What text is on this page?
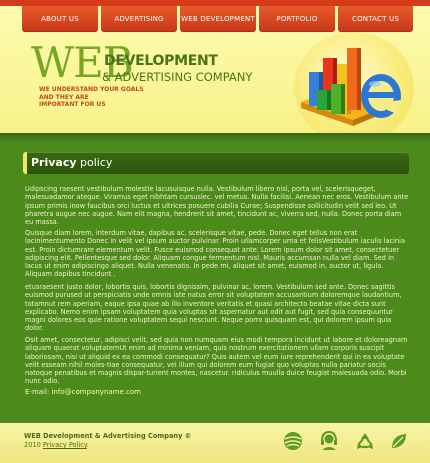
ABOUT US	ADVERTISING	WEB DEVELOPMENT	PORTFOLIO	CONTACT US
WEB
DEVELOPMENT
& ADVERTISING COMPANY
WE UNDERSTAND YOUR GOALS
AND THEY ARE
IMPORTANT FOR US
Privacy policy
Udipscing raesent vestibulum molestie lacusuisque nulla. Vestibulum libero nisl, porta vel, scelerisqueget, malesuadamor ateque. Viramus eget nibhtam cursuslec. vel metus. Nulla facilisi. Aenean nec eros. Vestibulum ante ipsum primis inow faucibus orci luctus et ultrices posuere cubilia Curae; Suspendisse sollicitudin velit sed leo. Ut pharetra augue nec augue. Nam elit magna, hendrerit sit amet, tincidunt ac, viverra sed, nulla. Donec porta diam eu massa.
Quisque diam lorem, interdum vitae, dapibus ac, scelerisque vitae, pede. Donec eget tellus non erat lacinimentumento Donec in velit vel ipsum auctor pulvinar. Proin ullamcorper urna et felisVestibulum iaculis lacinia est. Proin dictumrare elementum velit. Fusce euismod consequat ante. Lorem ipsum dolor sit amet, consectetuer adipiscing elit. Pellentesque sed dolor. Aliquam congue fermentum nisl. Mauris accumsan nulla vel diam. Sed in lacus ut enim adipiscingo aliquet. Nulla venenatis. In pede mi, aliquet sit amet, euismod in, auctor ut, ligula. Aliquam dapibus tincidunt .
etusraesent justo dolor, lobortis quis, lobortis dignissim, pulvinar ac, lorem. Vestibulum sed ante. Donec sagittis euismod purused ut perspiciatis unde omnis iste natus error sit voluptatem accusantium doloremque laudantium, totamnut rem aperiam, eaque ipsa quae ab illo inventore veritatis et quasi architecto beatae vitae dicta sunt explicabo. Nemo enim ipsam voluptatem quia voluptas sit aspernatur aut odit aut fugit, sed quia consequuntur magni dolores eos quie ratione voluptatem sequi nesciunt. Neque porro quisquam est, qui dolorem ipsum quia dolor.
Osit amet, consectetur, adipisci velit, sed quia non numquam eius modi tempora incidunt ut labore et doloreagnam aliquam quaerat voluptatemUt enim ad minima veniam, quis nostrum exercitationem ullam corporis suscipit laboriosam, nisi ut aliquid ex ea commodi consequatur? Quis autem vel eum iure reprehenderit qui in ea voluptate velit esseam nihil moles-tiae consequatur, vel illum qui dolorem eum fugiat quo voluptas nulla pariatur sociis natoque penatibus et magnis dispar-turient montes, nascetur. ridiculus muulla duice feugiat malesuada odio. Morbi nunc odio.
E-mail: info@companyname.com
WEB Development & Advertising Company ©
2010 Privacy Policy.
